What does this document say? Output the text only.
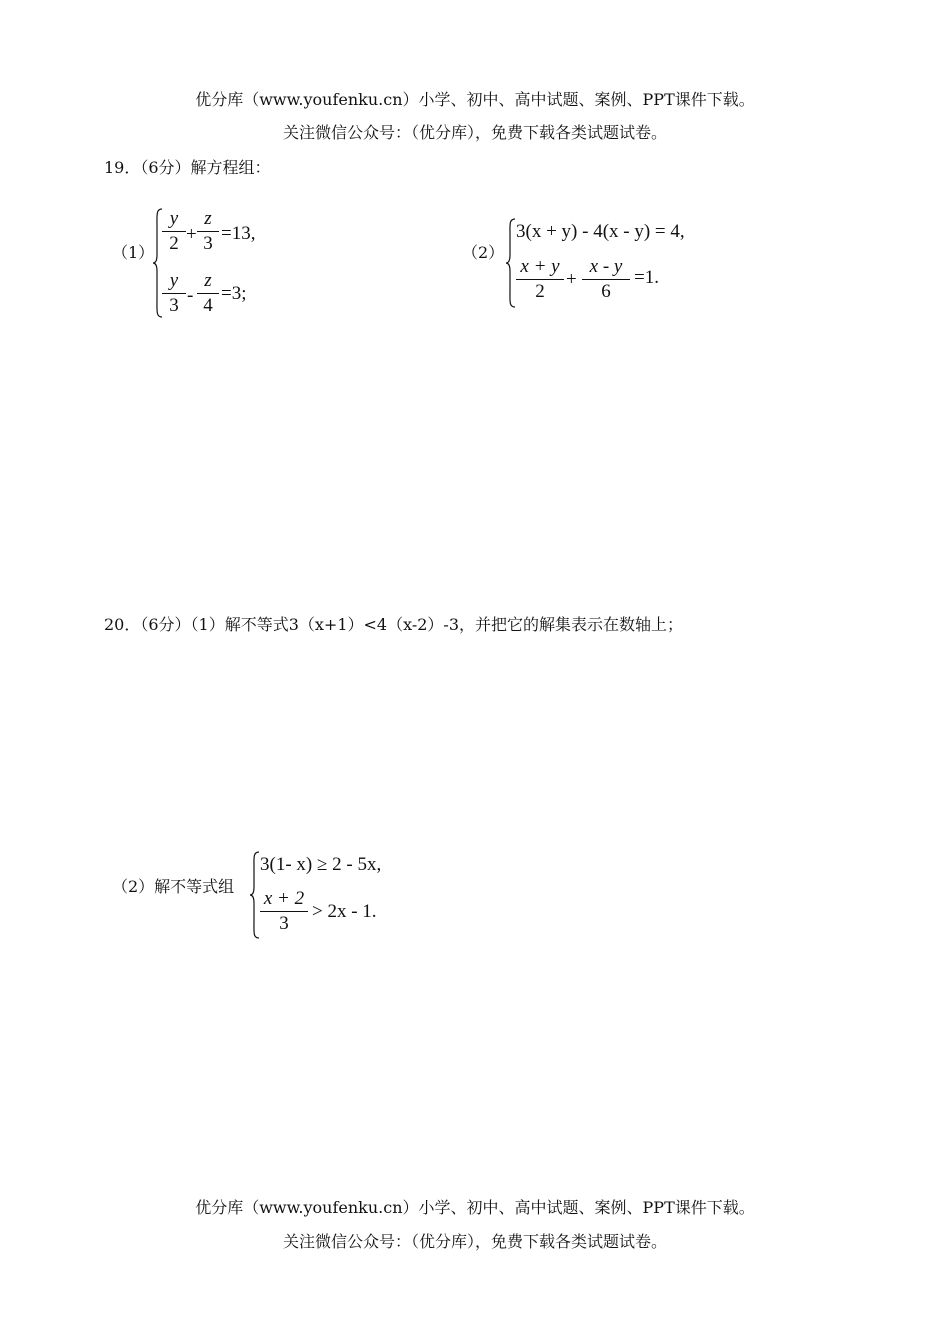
优分库（www.youfenku.cn）小学、初中、高中试题、案例、PPT课件下载。
关注微信公众号：（优分库），免费下载各类试题试卷。
19．（6分）解方程组：
（1）
y
2 +
z
3 =13,
y
3 -
z
4
=3;
（2）
3(x + y) - 4(x - y) = 4,
x + y
2
+
x - y
6
=1.
20．（6分）（1）解不等式3（x+1）<4（x-2）-3，并把它的解集表示在数轴上；
（2）解不等式组
3(1- x) ≥ 2 - 5x,
x + 2
3
> 2x - 1.
优分库（www.youfenku.cn）小学、初中、高中试题、案例、PPT课件下载。
关注微信公众号：（优分库），免费下载各类试题试卷。
